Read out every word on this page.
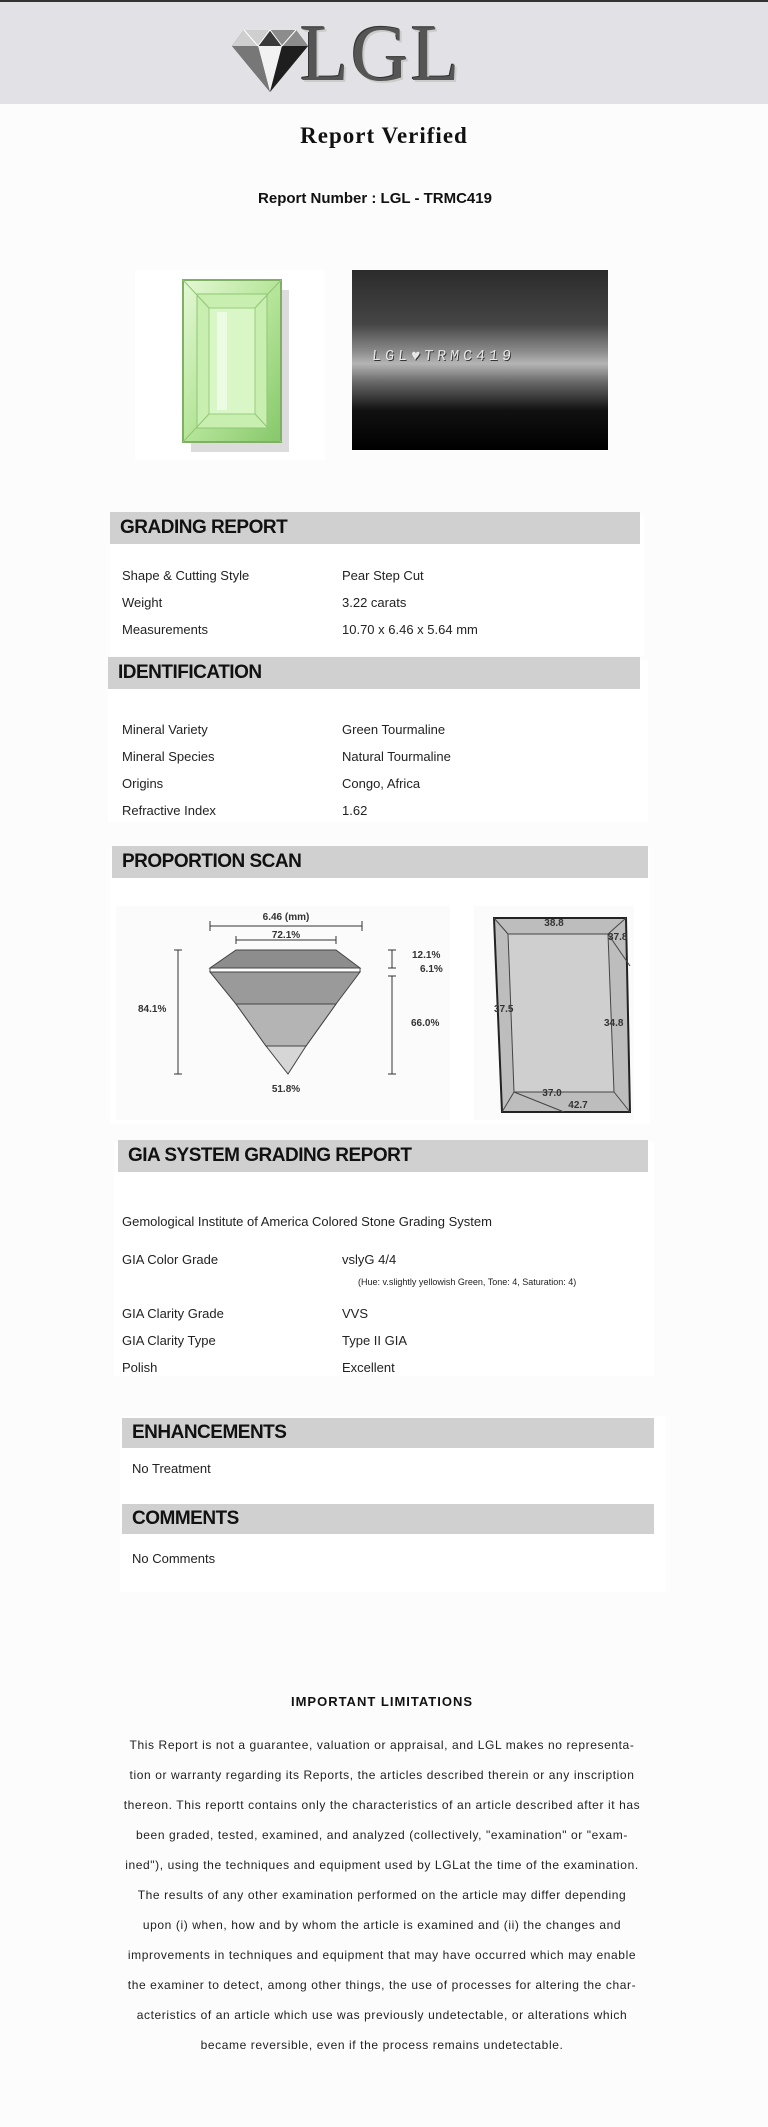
LGL
Report Verified
Report Number : LGL - TRMC419
LGL♥TRMC419
GRADING REPORT
Shape & Cutting Style	Pear Step Cut
Weight	3.22 carats
Measurements	10.70 x 6.46 x 5.64 mm
IDENTIFICATION
Mineral Variety	Green Tourmaline
Mineral Species	Natural Tourmaline
Origins	Congo, Africa
Refractive Index	1.62
PROPORTION SCAN
6.46 (mm)
72.1%
12.1%
6.1%
84.1%
66.0%
51.8%
38.8
37.8
37.5
34.8
37.0
42.7
GIA SYSTEM GRADING REPORT
Gemological Institute of America Colored Stone Grading System
GIA Color Grade	vslyG 4/4
(Hue: v.slightly yellowish Green, Tone: 4, Saturation: 4)
GIA Clarity Grade	VVS
GIA Clarity Type	Type II GIA
Polish	Excellent
ENHANCEMENTS
No Treatment
COMMENTS
No Comments
IMPORTANT LIMITATIONS
This Report is not a guarantee, valuation or appraisal, and LGL makes no representa-
tion or warranty regarding its Reports, the articles described therein or any inscription
thereon. This reportt contains only the characteristics of an article described after it has
been graded, tested, examined, and analyzed (collectively, "examination" or "exam-
ined"), using the techniques and equipment used by LGLat the time of the examination.
The results of any other examination performed on the article may differ depending
upon (i) when, how and by whom the article is examined and (ii) the changes and
improvements in techniques and equipment that may have occurred which may enable
the examiner to detect, among other things, the use of processes for altering the char-
acteristics of an article which use was previously undetectable, or alterations which
became reversible, even if the process remains undetectable.
